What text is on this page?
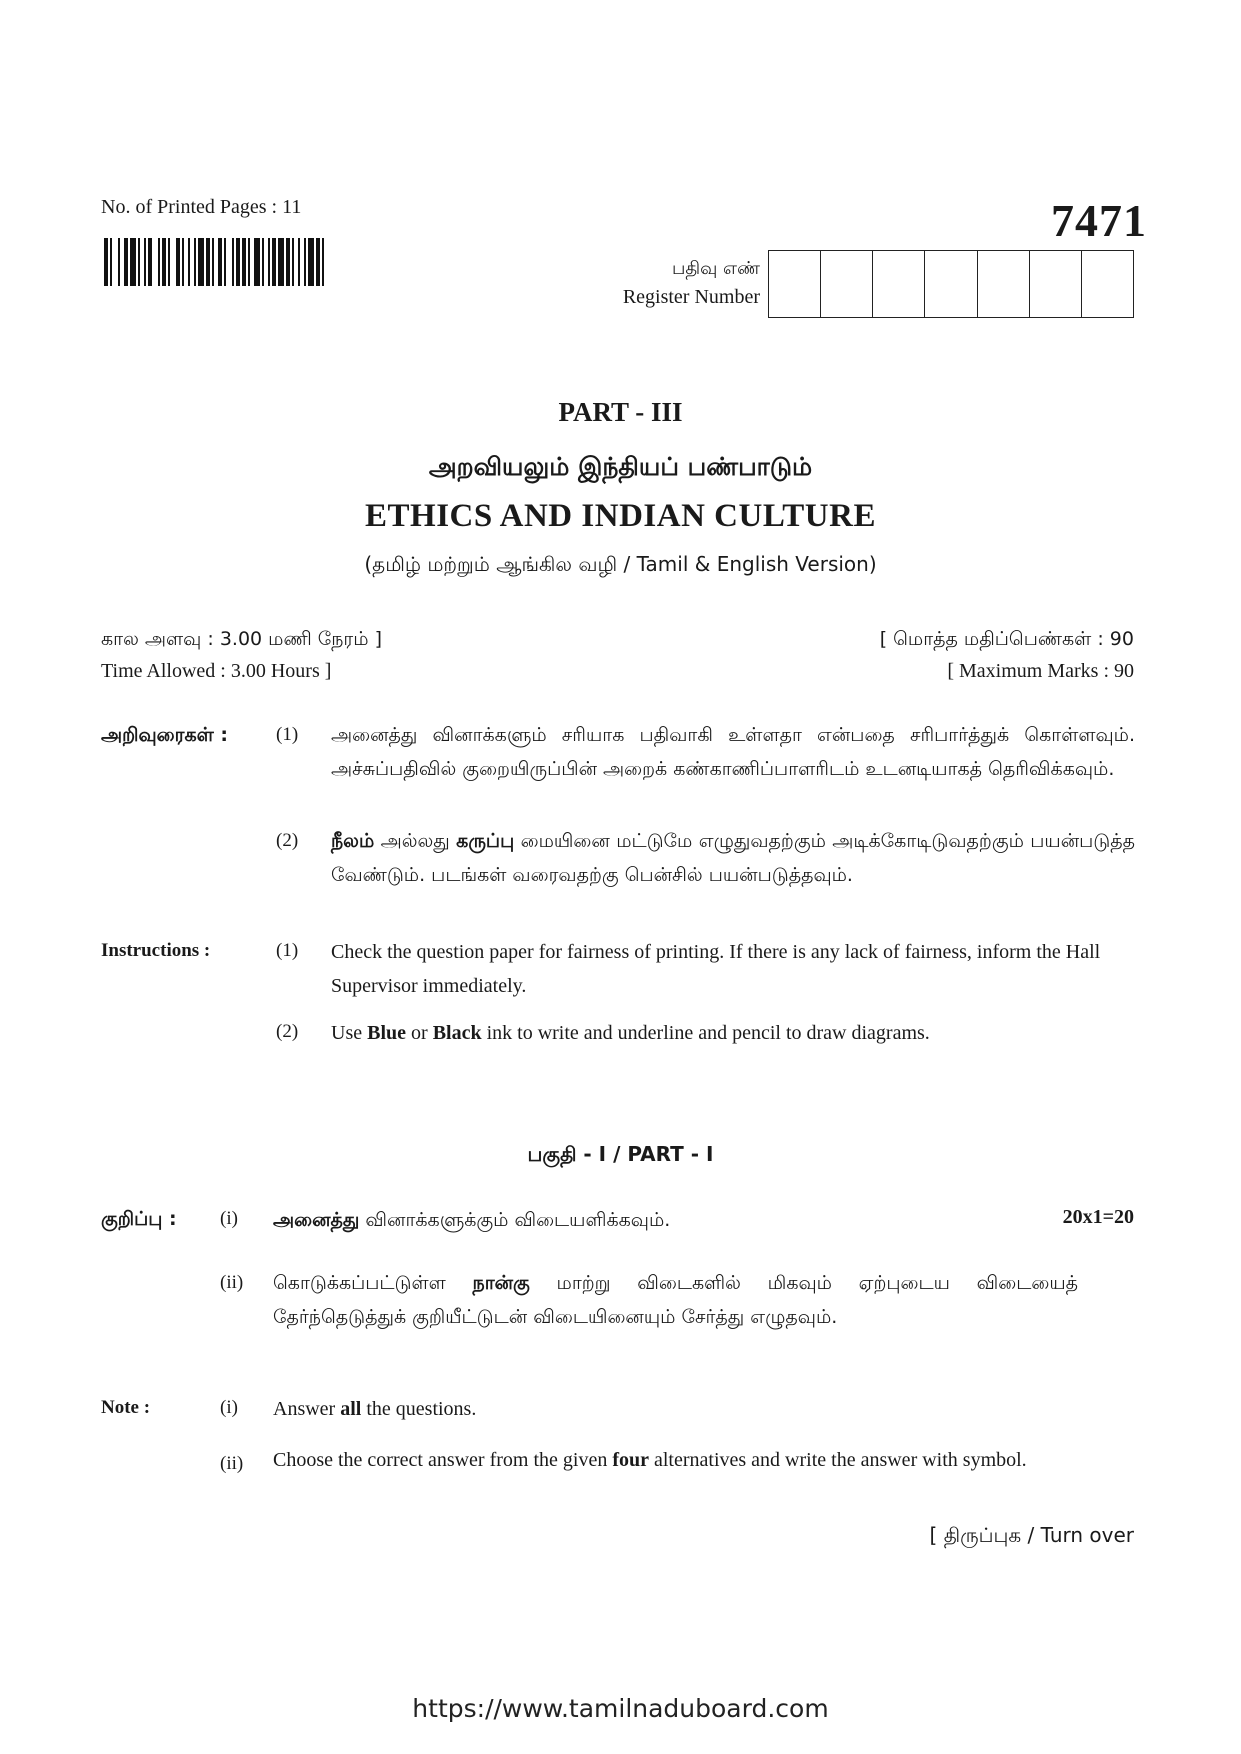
No. of Printed Pages : 11	7471
பதிவு எண்
Register Number
PART - III
அறவியலும் இந்தியப் பண்பாடும்
ETHICS AND INDIAN CULTURE
(தமிழ் மற்றும் ஆங்கில வழி / Tamil & English Version)
கால அளவு : 3.00 மணி நேரம் ]
Time Allowed : 3.00 Hours ]
[ மொத்த மதிப்பெண்கள் : 90
[ Maximum Marks : 90
அறிவுரைகள் :	(1) அனைத்து வினாக்களும் சரியாக பதிவாகி உள்ளதா என்பதை சரிபார்த்துக் கொள்ளவும். அச்சுப்பதிவில் குறையிருப்பின் அறைக் கண்காணிப்பாளரிடம் உடனடியாகத் தெரிவிக்கவும்.
(2) நீலம் அல்லது கருப்பு மையினை மட்டுமே எழுதுவதற்கும் அடிக்கோடிடுவதற்கும் பயன்படுத்த வேண்டும். படங்கள் வரைவதற்கு பென்சில் பயன்படுத்தவும்.
Instructions :	(1) Check the question paper for fairness of printing. If there is any lack of fairness, inform the Hall Supervisor immediately.
(2) Use Blue or Black ink to write and underline and pencil to draw diagrams.
பகுதி - I / PART - I
குறிப்பு : (i) அனைத்து வினாக்களுக்கும் விடையளிக்கவும்.	20x1=20
(ii) கொடுக்கப்பட்டுள்ள நான்கு மாற்று விடைகளில் மிகவும் ஏற்புடைய விடையைத் தேர்ந்தெடுத்துக் குறியீட்டுடன் விடையினையும் சேர்த்து எழுதவும்.
Note :	(i) Answer all the questions.
(ii) Choose the correct answer from the given four alternatives and write the answer with symbol.
[ திருப்புக / Turn over
https://www.tamilnaduboard.com
